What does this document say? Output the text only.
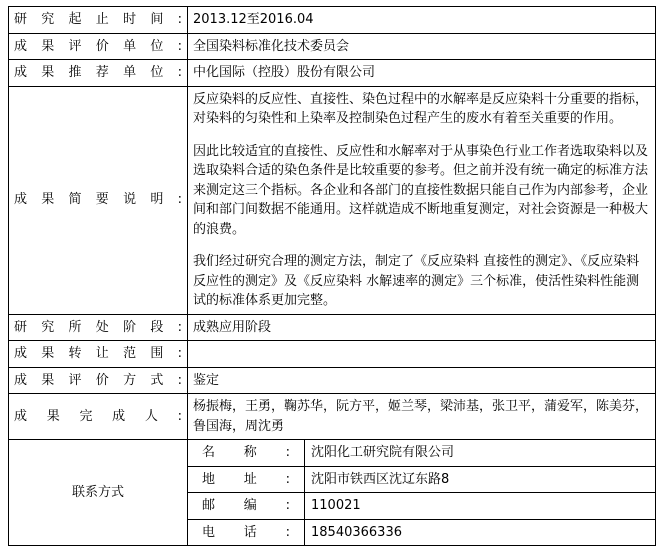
研究起止时间:	2013.12至2016.04
成果评价单位:	全国染料标准化技术委员会
成果推荐单位:	中化国际（控股）股份有限公司
成果简要说明:	

反应染料的反应性、直接性、染色过程中的水解率是反应染料十分重要的指标，对染料的匀染性和上染率及控制染色过程产生的废水有着至关重要的作用。

因此比较适宜的直接性、反应性和水解率对于从事染色行业工作者选取染料以及选取染料合适的染色条件是比较重要的参考。但之前并没有统一确定的标准方法来测定这三个指标。各企业和各部门的直接性数据只能自己作为内部参考，企业间和部门间数据不能通用。这样就造成不断地重复测定，对社会资源是一种极大的浪费。

我们经过研究合理的测定方法，制定了《反应染料 直接性的测定》、《反应染料 反应性的测定》及《反应染料 水解速率的测定》三个标准，使活性染料性能测试的标准体系更加完整。

研究所处阶段:	成熟应用阶段
成果转让范围:	
成果评价方式:	鉴定
成果完成人:	杨振梅，王勇，鞠苏华，阮方平，姬兰琴，梁沛基，张卫平，蒲爱军，陈美芬，鲁国海，周沈勇
联系方式	
名称:	沈阳化工研究院有限公司
地址:	沈阳市铁西区沈辽东路8
邮编:	110021
电话:	18540366336
